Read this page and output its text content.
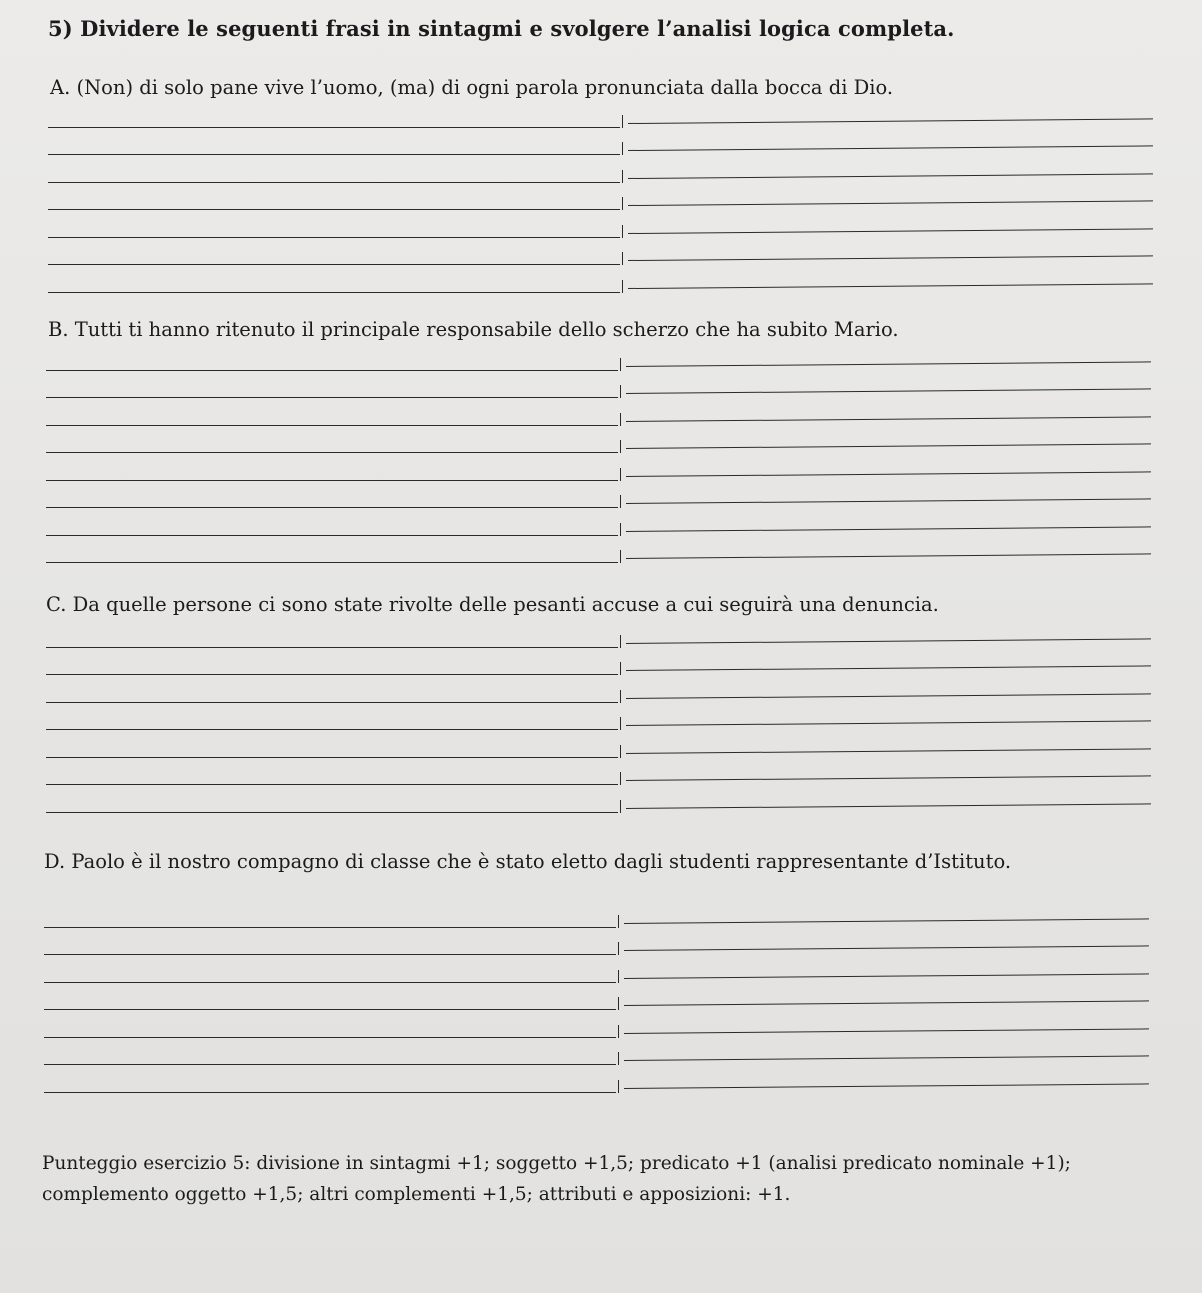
5) Dividere le seguenti frasi in sintagmi e svolgere l’analisi logica completa.
A. (Non) di solo pane vive l’uomo, (ma) di ogni parola pronunciata dalla bocca di Dio.
B. Tutti ti hanno ritenuto il principale responsabile dello scherzo che ha subito Mario.
C. Da quelle persone ci sono state rivolte delle pesanti accuse a cui seguirà una denuncia.
D. Paolo è il nostro compagno di classe che è stato eletto dagli studenti rappresentante d’Istituto.
Punteggio esercizio 5: divisione in sintagmi +1; soggetto +1,5; predicato +1 (analisi predicato nominale +1); complemento oggetto +1,5; altri complementi +1,5; attributi e apposizioni: +1.
